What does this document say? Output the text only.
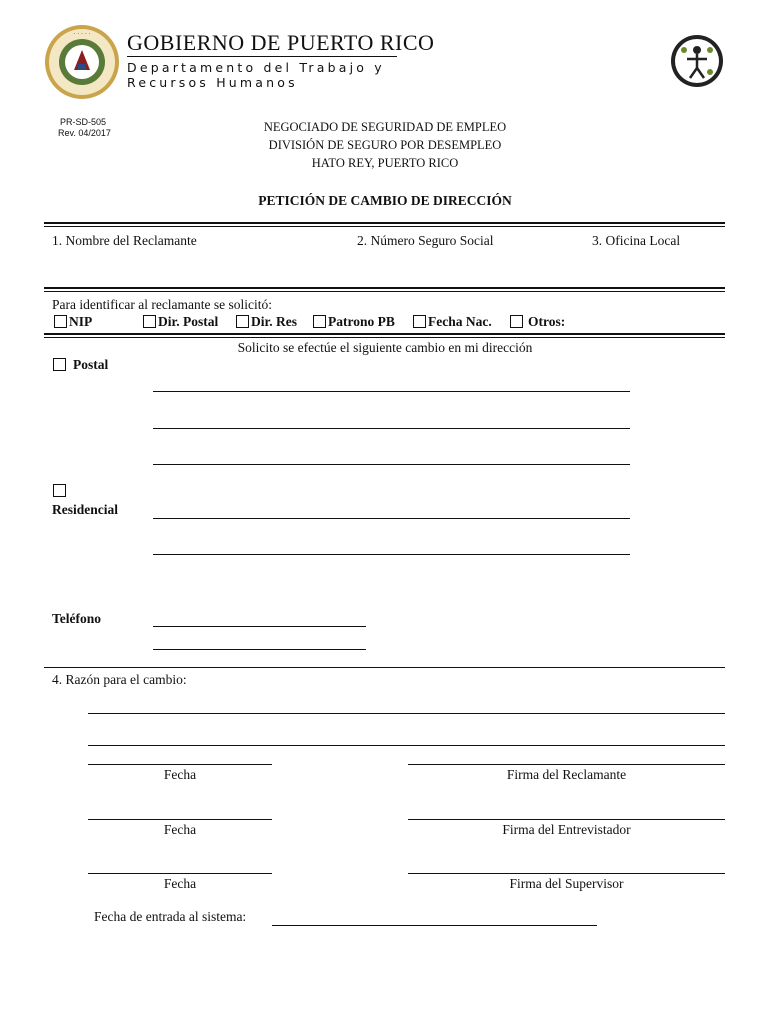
· · · · · GOBIERNO DE PUERTO RICO
Departamento del Trabajo y
Recursos Humanos
PR-SD-505
Rev. 04/2017	NEGOCIADO DE SEGURIDAD DE EMPLEO
DIVISIÓN DE SEGURO POR DESEMPLEO
HATO REY, PUERTO RICO
PETICIÓN DE CAMBIO DE DIRECCIÓN
1. Nombre del Reclamante	2. Número Seguro Social	3. Oficina Local
Para identificar al reclamante se solicitó:
NIP	Dir. Postal Dir. Res Patrono PB Fecha Nac.	Otros:
Solicito se efectúe el siguiente cambio en mi dirección
Postal
Residencial
Teléfono
4. Razón para el cambio:
Fecha	Firma del Reclamante
Fecha	Firma del Entrevistador
Fecha	Firma del Supervisor
Fecha de entrada al sistema:
